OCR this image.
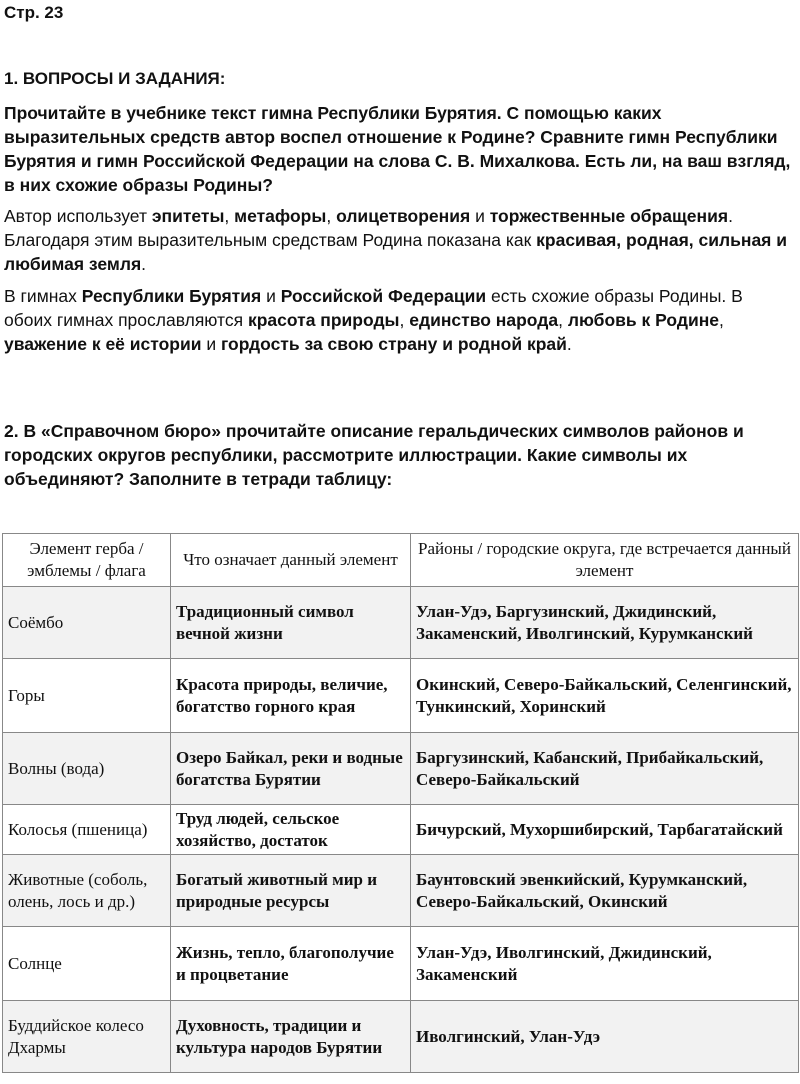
Стр. 23
1. ВОПРОСЫ И ЗАДАНИЯ:

Прочитайте в учебнике текст гимна Республики Бурятия. С помощью каких выразительных средств автор воспел отношение к Родине? Сравните гимн Республики Бурятия и гимн Российской Федерации на слова С. В. Михалкова. Есть ли, на ваш взгляд, в них схожие образы Родины?

Автор использует эпитеты, метафоры, олицетворения и торжественные обращения. Благодаря этим выразительным средствам Родина показана как красивая, родная, сильная и любимая земля.

В гимнах Республики Бурятия и Российской Федерации есть схожие образы Родины. В обоих гимнах прославляются красота природы, единство народа, любовь к Родине, уважение к её истории и гордость за свою страну и родной край.

2. В «Справочном бюро» прочитайте описание геральдических символов районов и городских округов республики, рассмотрите иллюстрации. Какие символы их объединяют? Заполните в тетради таблицу:

Элемент герба / эмблемы / флага	Что означает данный элемент	Районы / городские округа, где встречается данный элемент
Соёмбо	Традиционный символ вечной жизни	Улан-Удэ, Баргузинский, Джидинский, Закаменский, Иволгинский, Курумканский
Горы	Красота природы, величие, богатство горного края	Окинский, Северо-Байкальский, Селенгинский, Тункинский, Хоринский
Волны (вода)	Озеро Байкал, реки и водные богатства Бурятии	Баргузинский, Кабанский, Прибайкальский, Северо-Байкальский
Колосья (пшеница)	Труд людей, сельское хозяйство, достаток	Бичурский, Мухоршибирский, Тарбагатайский
Животные (соболь, олень, лось и др.)	Богатый животный мир и природные ресурсы	Баунтовский эвенкийский, Курумканский, Северо-Байкальский, Окинский
Солнце	Жизнь, тепло, благополучие и процветание	Улан-Удэ, Иволгинский, Джидинский, Закаменский
Буддийское колесо Дхармы	Духовность, традиции и культура народов Бурятии	Иволгинский, Улан-Удэ
